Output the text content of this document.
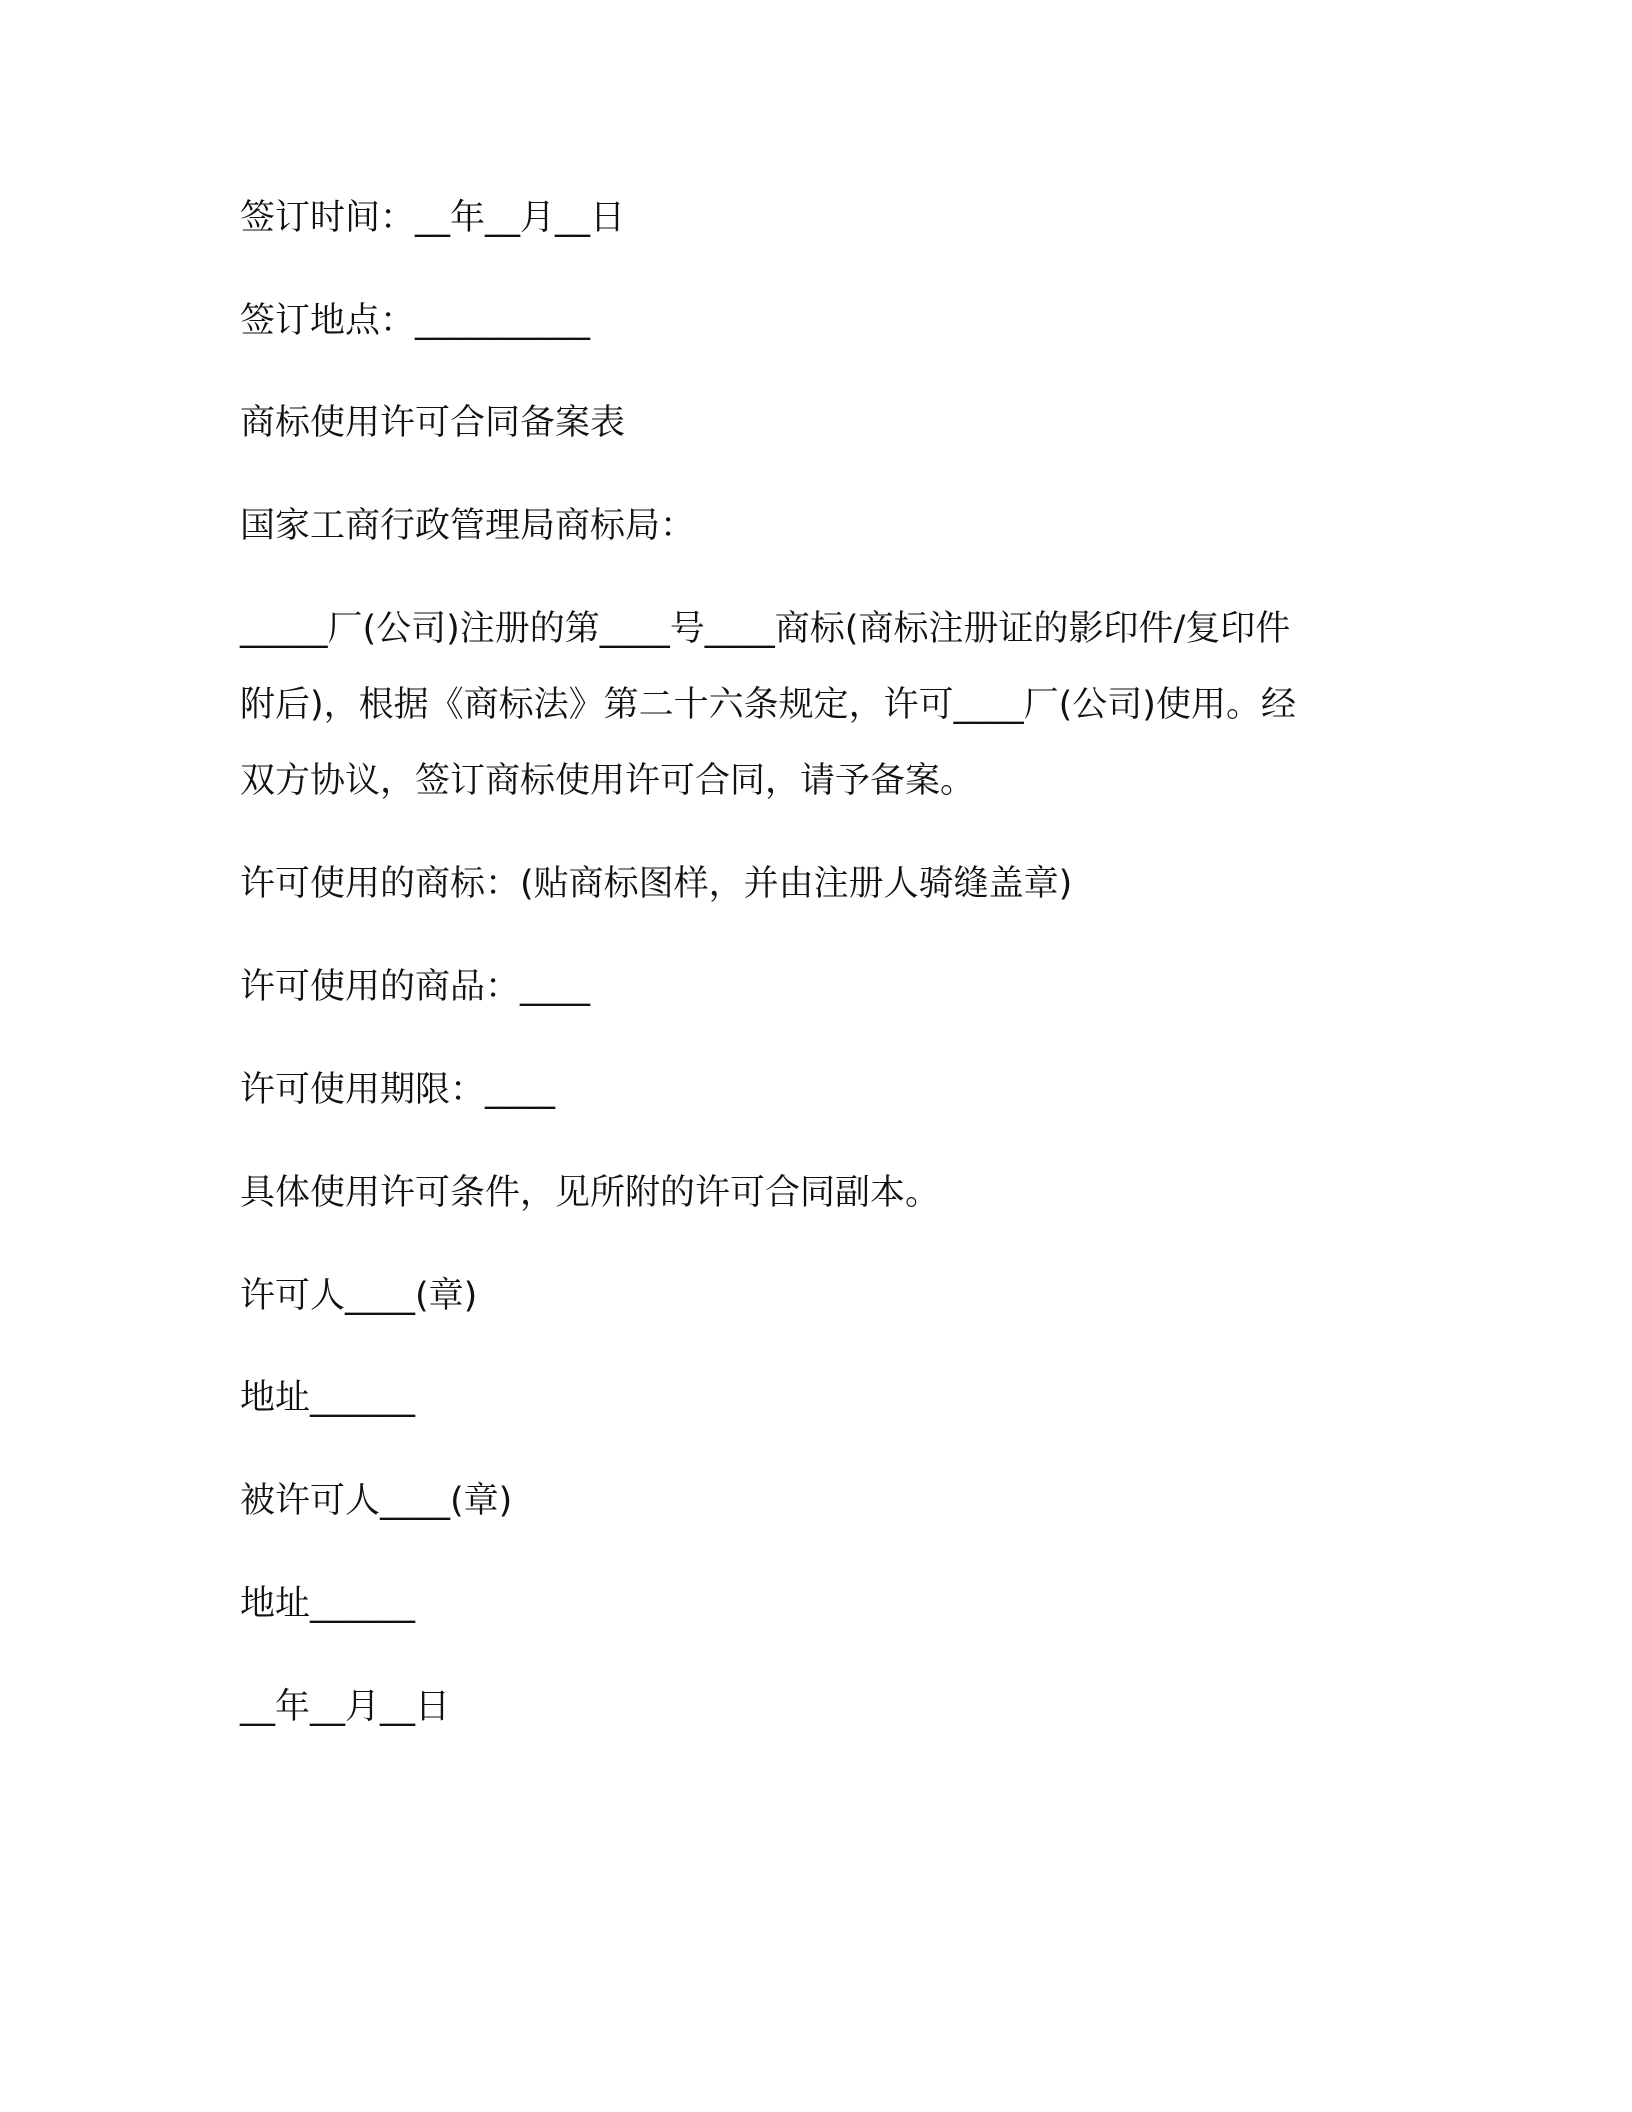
签订时间：__年__月__日

签订地点：__________

商标使用许可合同备案表

国家工商行政管理局商标局：

_____厂(公司)注册的第____号____商标(商标注册证的影印件/复印件

附后)，根据《商标法》第二十六条规定，许可____厂(公司)使用。经

双方协议，签订商标使用许可合同，请予备案。

许可使用的商标：(贴商标图样，并由注册人骑缝盖章)

许可使用的商品：____

许可使用期限：____

具体使用许可条件，见所附的许可合同副本。

许可人____(章)

地址______

被许可人____(章)

地址______

__年__月__日
